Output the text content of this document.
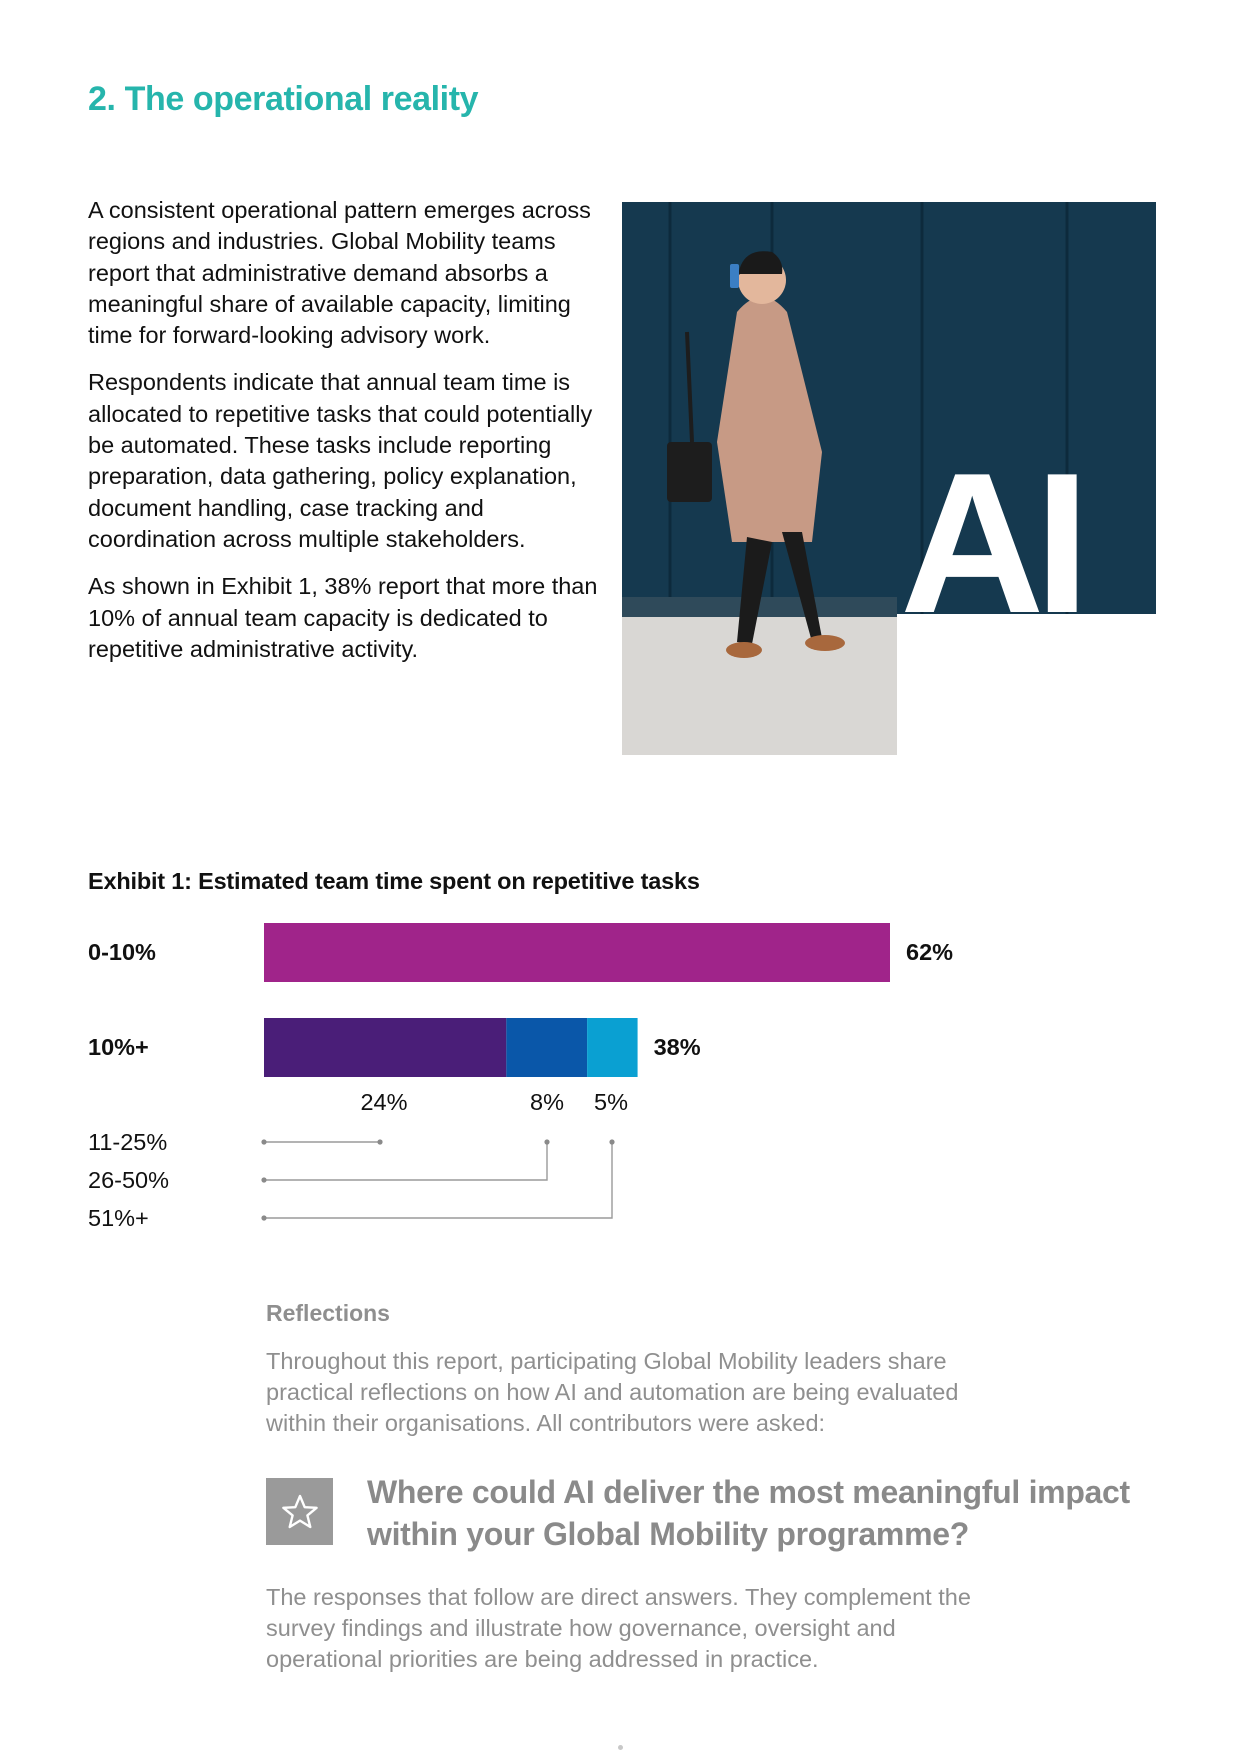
2. The operational reality

A consistent operational pattern emerges across regions and industries. Global Mobility teams report that administrative demand absorbs a meaningful share of available capacity, limiting time for forward-looking advisory work.

Respondents indicate that annual team time is allocated to repetitive tasks that could potentially be automated. These tasks include reporting preparation, data gathering, policy explanation, document handling, case tracking and coordination across multiple stakeholders.

As shown in Exhibit 1, 38% report that more than 10% of annual team capacity is dedicated to repetitive administrative activity.	AI
Exhibit 1: Estimated team time spent on repetitive tasks
0-10%	62%
10%+	38%
24%	8% 5%
11-25%
26-50%
51%+
Reflections
Throughout this report, participating Global Mobility leaders share practical reflections on how AI and automation are being evaluated within their organisations. All contributors were asked:
Where could AI deliver the most meaningful impact within your Global Mobility programme?
The responses that follow are direct answers. They complement the survey findings and illustrate how governance, oversight and operational priorities are being addressed in practice.
